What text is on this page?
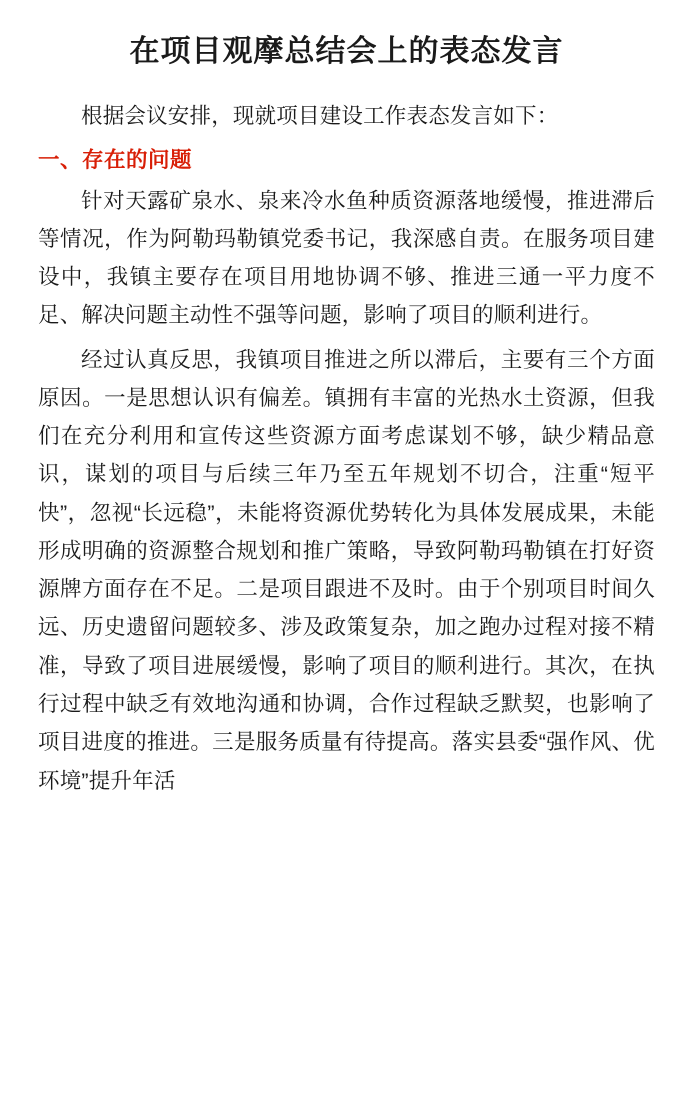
在项目观摩总结会上的表态发言

根据会议安排，现就项目建设工作表态发言如下：

一、存在的问题

针对天露矿泉水、泉来冷水鱼种质资源落地缓慢，推进滞后等情况，作为阿勒玛勒镇党委书记，我深感自责。在服务项目建设中，我镇主要存在项目用地协调不够、推进三通一平力度不足、解决问题主动性不强等问题，影响了项目的顺利进行。

经过认真反思，我镇项目推进之所以滞后，主要有三个方面原因。一是思想认识有偏差。镇拥有丰富的光热水土资源，但我们在充分利用和宣传这些资源方面考虑谋划不够，缺少精品意识，谋划的项目与后续三年乃至五年规划不切合，注重“短平快”，忽视“长远稳”，未能将资源优势转化为具体发展成果，未能形成明确的资源整合规划和推广策略，导致阿勒玛勒镇在打好资源牌方面存在不足。二是项目跟进不及时。由于个别项目时间久远、历史遗留问题较多、涉及政策复杂，加之跑办过程对接不精准，导致了项目进展缓慢，影响了项目的顺利进行。其次，在执行过程中缺乏有效地沟通和协调，合作过程缺乏默契，也影响了项目进度的推进。三是服务质量有待提高。落实县委“强作风、优环境”提升年活
